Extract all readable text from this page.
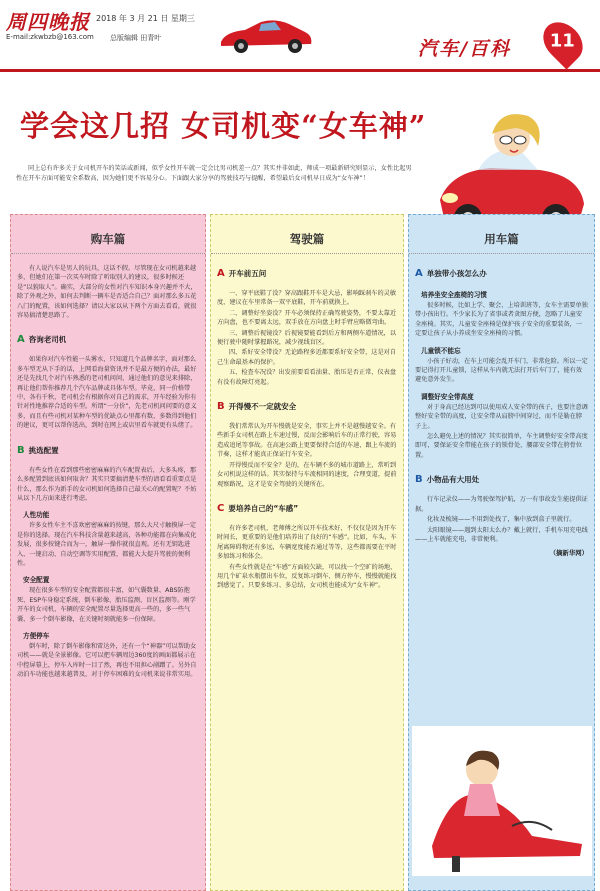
周四晚报 2018 年 3 月 21 日 星期三
E-mail:zkwbzb@163.com 总版编辑 田青叶	汽车/百科 11
学会这几招 女司机变“女车神”
同上总有许多关于女司机开车的笑话或新闻，似乎女性开车就一定会比男司机差一点？其实并非如此，师成一项最新研究则显示，女性比起男性在开车方面可能安全系数高，因为她们更不容易分心。下面跟大家分享的驾驶技巧与提醒，希望最后女司机早日成为“女车神”！
购车篇

有人说汽车是男人的玩具，这话不假。尽管现在女司机越来越多，但她们在第一次买车时除了听取别人的建议，很多时候还是“以貌取人”。确实，大部分的女性对汽车知识本身兴趣并不大，除了外观之外，如何去判断一辆车是否适合自己？面对那么多五花八门的配置，该如何选择？请以大家以从下两个方面去看看，就很容易搞清楚思路了。

A 咨询老司机

如果你对汽车性能一头雾水，只知道几个品牌名字，面对那么多车型无从下手的话，上网看海量资讯并不是最方便的办法，最好还是先找几个对汽车熟悉的老司机问问，通过他们的意见来排除，再让他们帮你推荐几个汽车品牌或具体车型。毕竟，同一价格带中，各有千秋，老司机会有根据你对自己的需求，开车经验为你有针对性地推荐合适的车型。所谓“一分价”，先老司机问问要的意义多，而且有些司机对某种车型的优缺点心里都有数，多数得到他们的建议，更可以帮你选出，到时在网上或店里看车就更有头绪了。

B 挑选配置

有些女性在看到那些密密麻麻的汽车配置表后，大多头疼，那么多配置到底该如何取舍？其实只要搞清楚车型的请看看重要点是什么，那么作为新手的女司机如何选择自己最关心的配置呢？不妨从以下几方面来进行考虑。

人性功能

许多女性车主不喜欢密密麻麻的按键，那么大尺寸触摸屏一定是你的选择。现在汽车科技含量越来越高，各种功能都在向集成化发展，很多按键合而为一，触屏一操作就很直观。还有无钥匙进入、一键启动、自动空调等实用配置，都能大大提升驾驶的便利性。

安全配置

现在很多车型的安全配置都很丰富，如气囊数量、ABS防抱死、ESP车身稳定系统、倒车影像、胎压监测、盲区监测等。刚学开车的女司机，车辆的安全配置尽量选择更高一些的，多一些气囊、多一个倒车影像，在关键时刻就能多一份保障。

方便停车

倒车时，除了倒车影像和雷达外，还有一个“神器”可以帮助女司机——就是全景影像。它可以把车辆周边360度的画面都展示在中控屏幕上，停车入库时一目了然，再也不用担心剐蹭了。另外自动泊车功能也越来越普及，对于停车困难的女司机来说非常实用。

驾驶篇
A 开车前五问

一、穿平底鞋了没？穿高跟鞋开车是大忌，影响踩刹车的灵敏度，建议在车里常备一双平底鞋，开车前就换上。

二、调整好坐姿没？开车必须保持正确驾驶姿势，不要太靠近方向盘，也不要离太远，双手放在方向盘上时手臂应略微弯曲。

三、调整后视镜没？后视镜要能看到后方和两侧车道情况，以便行驶中随时掌握路况，减少视线盲区。

四、系好安全带没？无论路程多近都要系好安全带，这是对自己生命最基本的保护。

五、检查车况没？出发前要看看油量、胎压是否正常，仪表盘有没有故障灯亮起。

B 开得慢不一定就安全

我们常常认为开车慢就是安全，事实上并不是越慢越安全。有些新手女司机在路上车速过慢，反而会影响后车的正常行驶，容易造成追尾等事故。在高速公路上更要保持合适的车速，跟上车流的节奏，这样才能真正保证行车安全。

开得慢反而不安全？是的，在车辆不多的城市道路上，常听到女司机说这样的话。其实保持与车流相同的速度，合理变道，提前观察路况，这才是安全驾驶的关键所在。

C 要培养自己的“车感”

有许多老司机，老师傅之所以开车技术好，不仅仅是因为开车时间长，更重要的是他们培养出了良好的“车感”。比如，车头、车尾离障碍物还有多远，车辆宽度能否通过等等，这些都需要在平时多加练习和体会。

有些女性就是在“车感”方面较欠缺，可以找一个空旷的场地，用几个矿泉水瓶摆出车位，反复练习倒车、侧方停车，慢慢就能找到感觉了。只要多练习、多总结，女司机也能成为“女车神”。

用车篇
A 单独带小孩怎么办

培养坐安全座椅的习惯

很多时候，比如上学、聚会、上培训班等，女车主需要单独带小孩出行。不少家长为了省事或者贪图方便，忽略了儿童安全座椅。其实，儿童安全座椅是保护孩子安全的重要装备，一定要让孩子从小养成坐安全座椅的习惯。

儿童锁不能忘

小孩子好动，在车上可能会乱开车门，非常危险。所以一定要记得打开儿童锁，这样从车内就无法打开后车门了，能有效避免意外发生。

调整好安全带高度

对于身高已经达到可以使用成人安全带的孩子，也要注意调整好安全带的高度，让安全带从肩膀中间穿过，而不是勒在脖子上。

怎么避免上述的情况？其实很简单，车主调整好安全带高度即可，要保证安全带能在孩子的锁骨处，腰部安全带在胯骨位置。

B 小物品有大用处

行车记录仪——为驾驶保驾护航，万一有事故发生能提供证据。

化妆及梳镜——不用到处找了，集中放到盒子里就行。

太阳眼镜——遇到太阳太么办？戴上就行，手机车用充电线——上车就能充电，非常便利。

（摘新华网）
